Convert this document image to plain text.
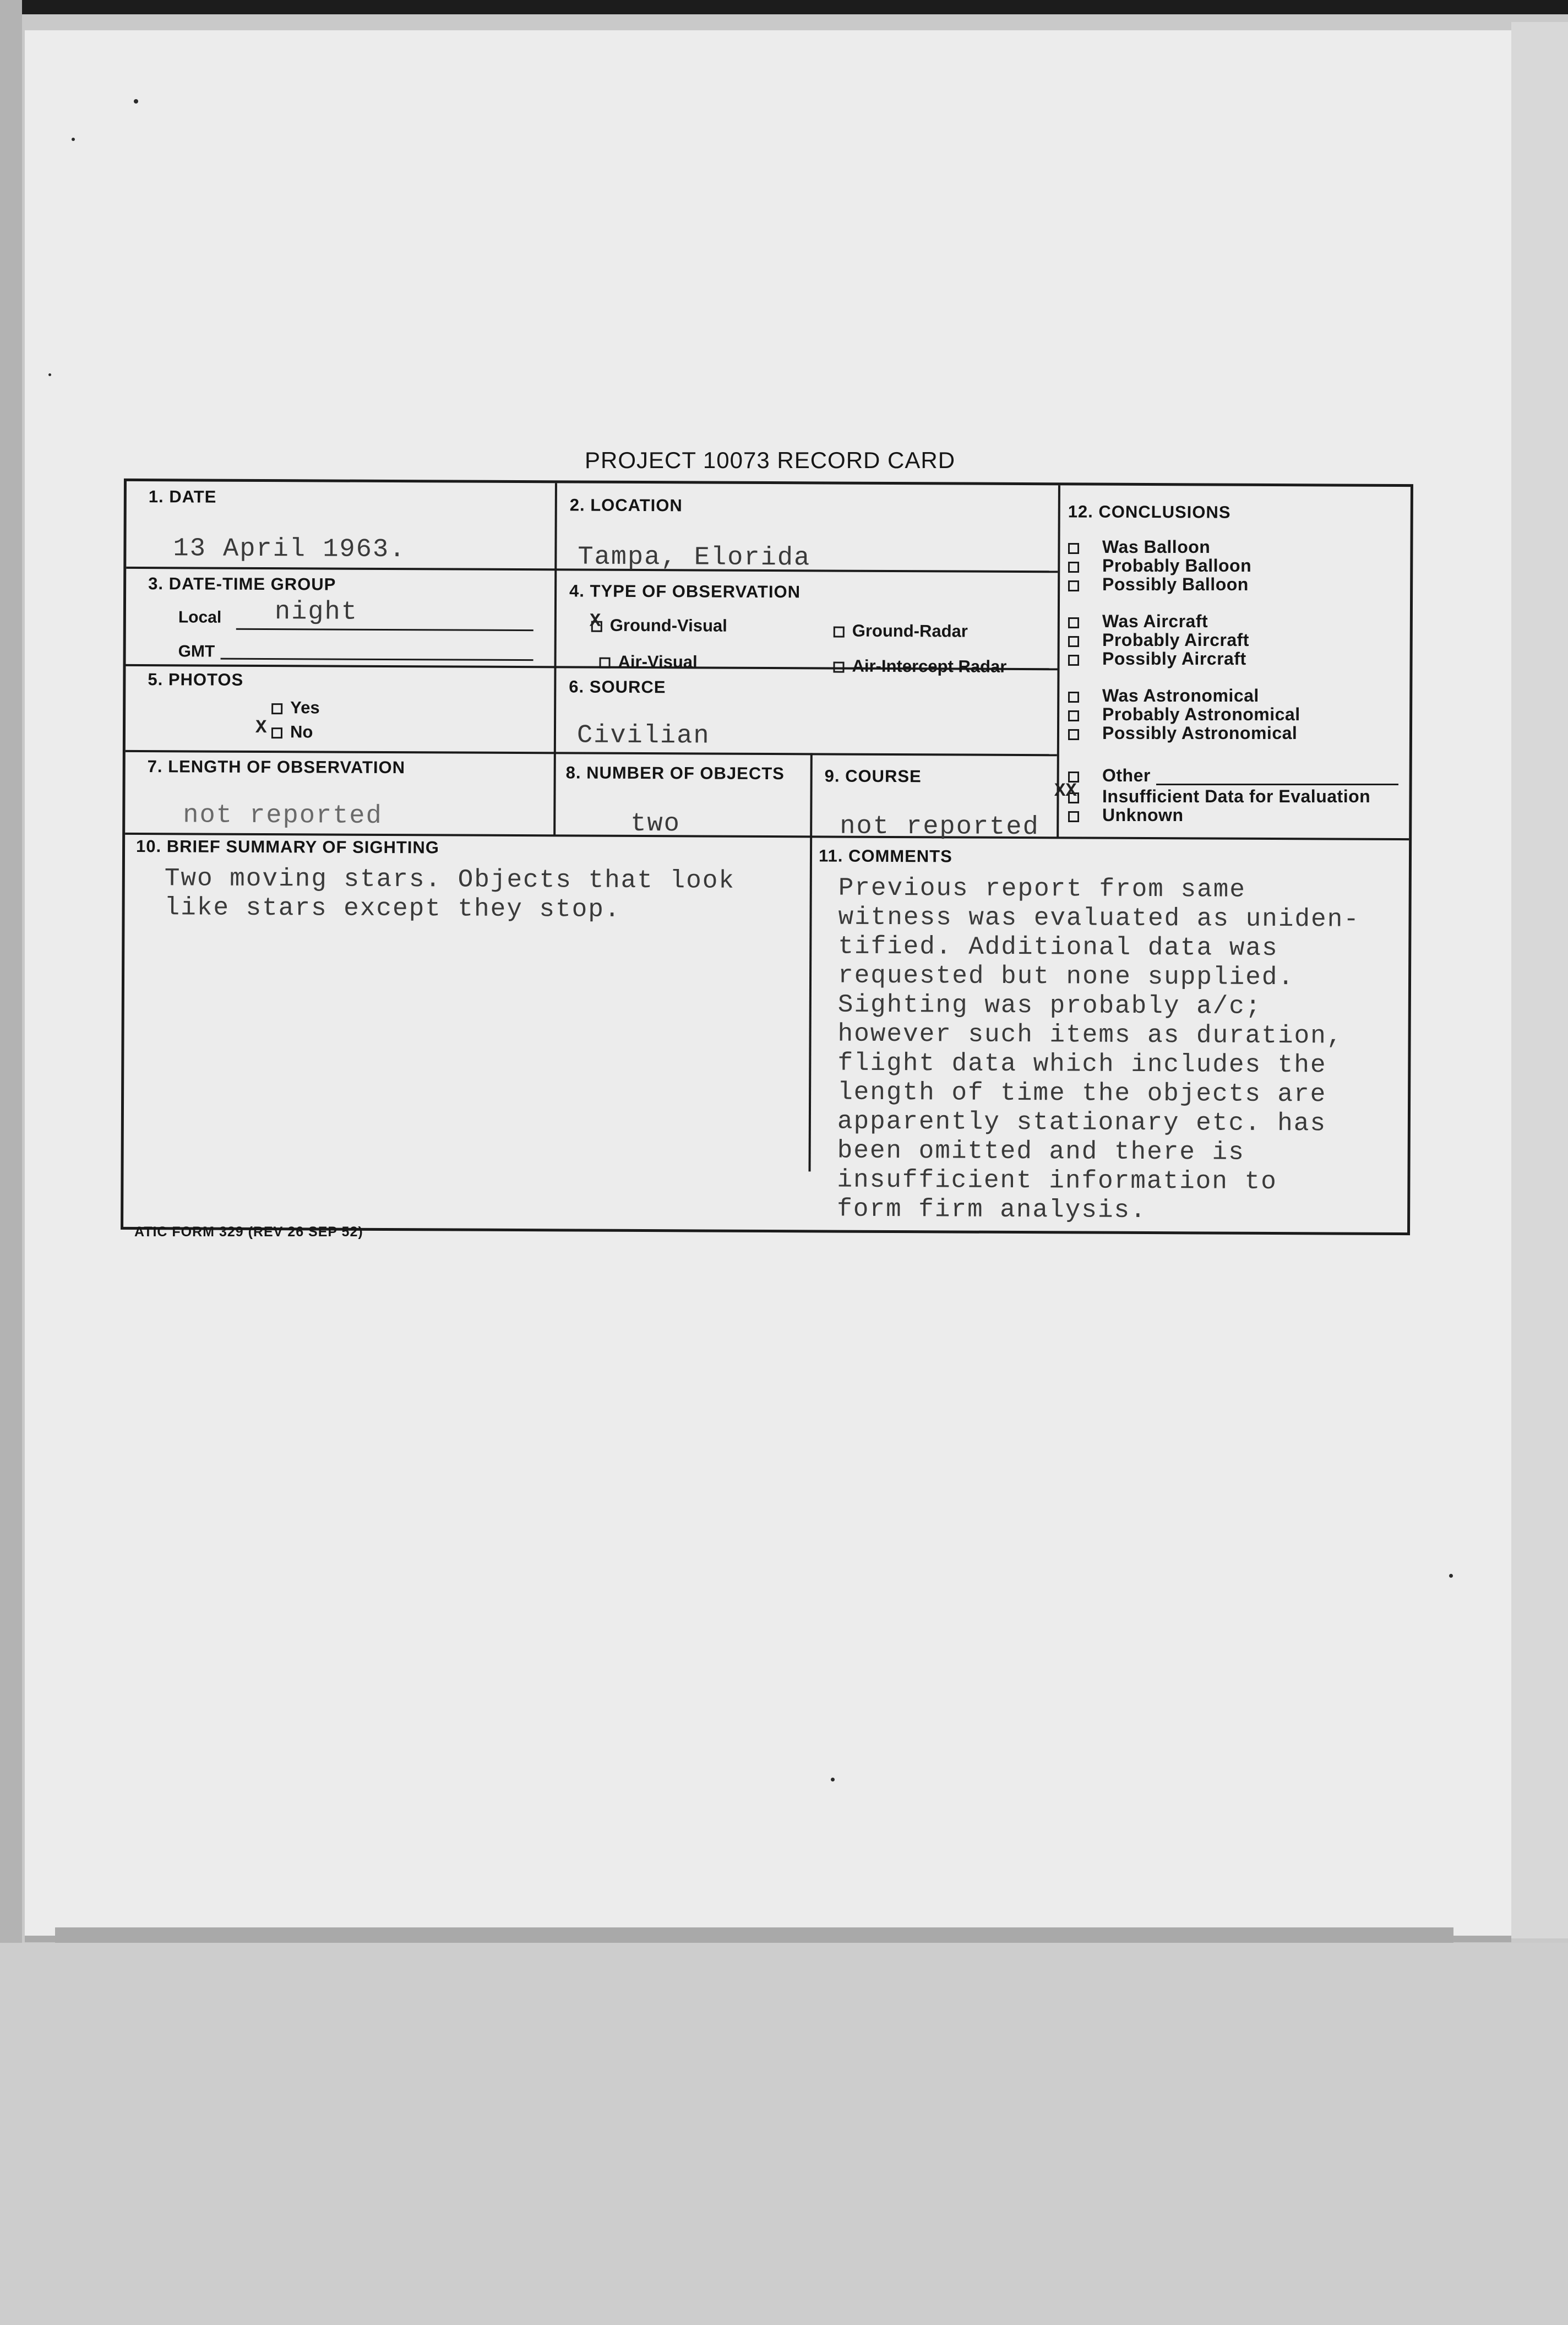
PROJECT 10073 RECORD CARD
1. DATE
13 April 1963.
2. LOCATION
Tampa, Elorida
3. DATE-TIME GROUP
Local night
GMT
4. TYPE OF OBSERVATION
Ground-Visual
X	Ground-Radar
Air-Visual	Air-Intercept Radar
5. PHOTOS
Yes
No
X
6. SOURCE
Civilian
7. LENGTH OF OBSERVATION
not reported
8. NUMBER OF OBJECTS
two
9. COURSE
not reported
10. BRIEF SUMMARY OF SIGHTING
Two moving stars. Objects that look
like stars except they stop.
11. COMMENTS
Previous report from same
witness was evaluated as uniden-
tified. Additional data was
requested but none supplied.
Sighting was probably a/c;
however such items as duration,
flight data which includes the
length of time the objects are
apparently stationary etc. has
been omitted and there is
insufficient information to
form firm analysis.
12. CONCLUSIONS
Was Balloon
Probably Balloon
Possibly Balloon
Was Aircraft
Probably Aircraft
Possibly Aircraft
Was Astronomical
Probably Astronomical
Possibly Astronomical
Other
Insufficient Data for Evaluation
XX
Unknown
ATIC FORM 329 (REV 26 SEP 52)
